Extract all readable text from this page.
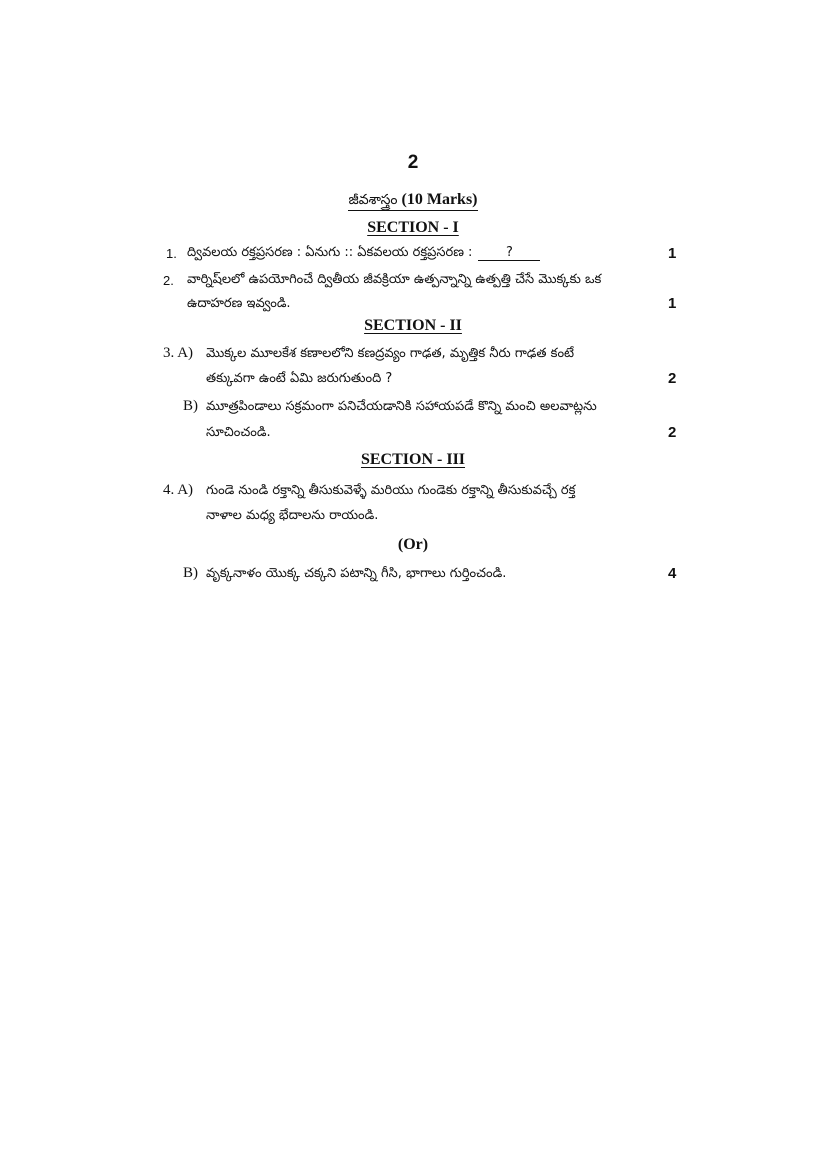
2
జీవశాస్త్రం (10 Marks)
SECTION - I
1. ద్వివలయ రక్తప్రసరణ : ఏనుగు :: ఏకవలయ రక్తప్రసరణ :	?	1
2. వార్నిష్‌లలో ఉపయోగించే ద్వితీయ జీవక్రియా ఉత్పన్నాన్ని ఉత్పత్తి చేసే మొక్కకు ఒక
ఉదాహరణ ఇవ్వండి.	1
SECTION - II
3. A) మొక్కల మూలకేశ కణాలలోని కణద్రవ్యం గాఢత, మృత్తిక నీరు గాఢత కంటే
తక్కువగా ఉంటే ఏమి జరుగుతుంది ?	2
B) మూత్రపిండాలు సక్రమంగా పనిచేయడానికి సహాయపడే కొన్ని మంచి అలవాట్లను
సూచించండి.	2
SECTION - III
4. A) గుండె నుండి రక్తాన్ని తీసుకువెళ్ళే మరియు గుండెకు రక్తాన్ని తీసుకువచ్చే రక్త
నాళాల మధ్య భేదాలను రాయండి.
(Or)
B) వృక్కనాళం యొక్క చక్కని పటాన్ని గీసి, భాగాలు గుర్తించండి.	4
